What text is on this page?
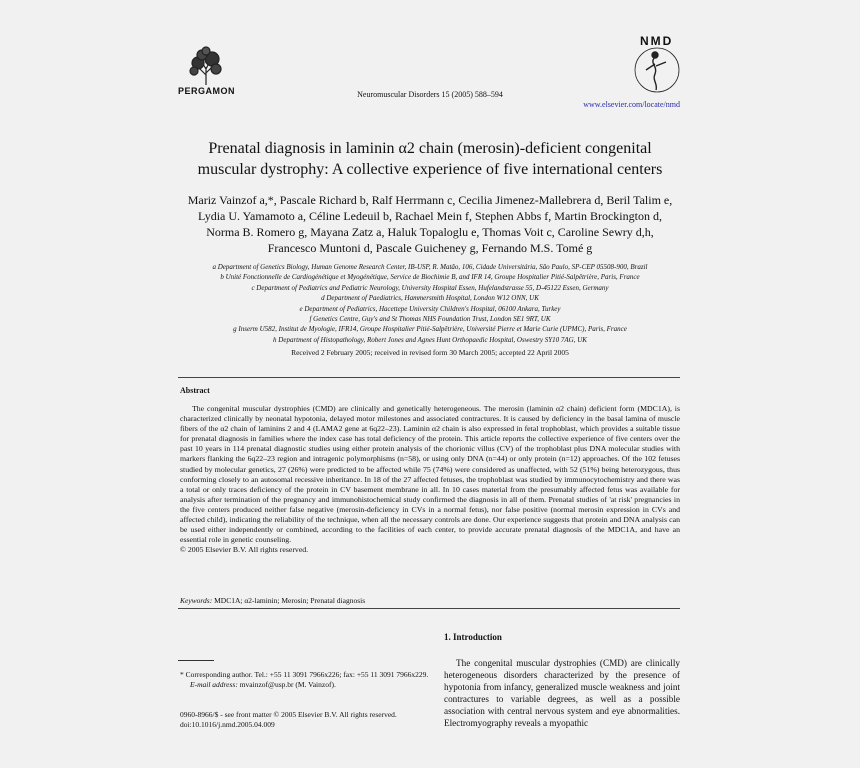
PERGAMON	Neuromuscular Disorders 15 (2005) 588–594
www.elsevier.com/locate/nmd
NMD
Prenatal diagnosis in laminin α2 chain (merosin)-deficient congenital muscular dystrophy: A collective experience of five international centers
Mariz Vainzof a,*, Pascale Richard b, Ralf Herrmann c, Cecilia Jimenez-Mallebrera d, Beril Talim e,
Lydia U. Yamamoto a, Céline Ledeuil b, Rachael Mein f, Stephen Abbs f, Martin Brockington d,
Norma B. Romero g, Mayana Zatz a, Haluk Topaloglu e, Thomas Voit c, Caroline Sewry d,h,
Francesco Muntoni d, Pascale Guicheney g, Fernando M.S. Tomé g
a Department of Genetics Biology, Human Genome Research Center, IB-USP, R. Matão, 106, Cidade Universitária, São Paulo, SP-CEP 05508-900, Brazil
b Unité Fonctionnelle de Cardiogénétique et Myogénétique, Service de Biochimie B, and IFR 14, Groupe Hospitalier Pitié-Salpêtrière, Paris, France
c Department of Pediatrics and Pediatric Neurology, University Hospital Essen, Hufelandstrasse 55, D-45122 Essen, Germany
d Department of Paediatrics, Hammersmith Hospital, London W12 ONN, UK
e Department of Pediatrics, Hacettepe University Children's Hospital, 06100 Ankara, Turkey
f Genetics Centre, Guy's and St Thomas NHS Foundation Trust, London SE1 9RT, UK
g Inserm U582, Institut de Myologie, IFR14, Groupe Hospitalier Pitié-Salpêtrière, Université Pierre et Marie Curie (UPMC), Paris, France
h Department of Histopathology, Robert Jones and Agnes Hunt Orthopaedic Hospital, Oswestry SY10 7AG, UK
Received 2 February 2005; received in revised form 30 March 2005; accepted 22 April 2005
Abstract

The congenital muscular dystrophies (CMD) are clinically and genetically heterogeneous. The merosin (laminin α2 chain) deficient form (MDC1A), is characterized clinically by neonatal hypotonia, delayed motor milestones and associated contractures. It is caused by deficiency in the basal lamina of muscle fibers of the α2 chain of laminins 2 and 4 (LAMA2 gene at 6q22–23). Laminin α2 chain is also expressed in fetal trophoblast, which provides a suitable tissue for prenatal diagnosis in families where the index case has total deficiency of the protein. This article reports the collective experience of five centers over the past 10 years in 114 prenatal diagnostic studies using either protein analysis of the chorionic villus (CV) of the trophoblast plus DNA molecular studies with markers flanking the 6q22–23 region and intragenic polymorphisms (n=58), or using only DNA (n=44) or only protein (n=12) approaches. Of the 102 fetuses studied by molecular genetics, 27 (26%) were predicted to be affected while 75 (74%) were considered as unaffected, with 52 (51%) being heterozygous, thus conforming closely to an autosomal recessive inheritance. In 18 of the 27 affected fetuses, the trophoblast was studied by immunocytochemistry and there was a total or only traces deficiency of the protein in CV basement membrane in all. In 10 cases material from the presumably affected fetus was available for analysis after termination of the pregnancy and immunohistochemical study confirmed the diagnosis in all of them. Prenatal studies of 'at risk' pregnancies in the five centers produced neither false negative (merosin-deficiency in CVs in a normal fetus), nor false positive (normal merosin expression in CVs and affected child), indicating the reliability of the technique, when all the necessary controls are done. Our experience suggests that protein and DNA analysis can be used either independently or combined, according to the facilities of each center, to provide accurate prenatal diagnosis of the MDC1A, and have an essential role in genetic counseling.

© 2005 Elsevier B.V. All rights reserved.

Keywords: MDC1A; α2-laminin; Merosin; Prenatal diagnosis
1. Introduction

The congenital muscular dystrophies (CMD) are clinically heterogeneous disorders characterized by the presence of hypotonia from infancy, generalized muscle weakness and joint contractures to variable degrees, as well as a possible association with central nervous system and eye abnormalities. Electromyography reveals a myopathic

* Corresponding author. Tel.: +55 11 3091 7966x226; fax: +55 11 3091 7966x229.
E-mail address: mvainzof@usp.br (M. Vainzof).
0960-8966/$ - see front matter © 2005 Elsevier B.V. All rights reserved.
doi:10.1016/j.nmd.2005.04.009
